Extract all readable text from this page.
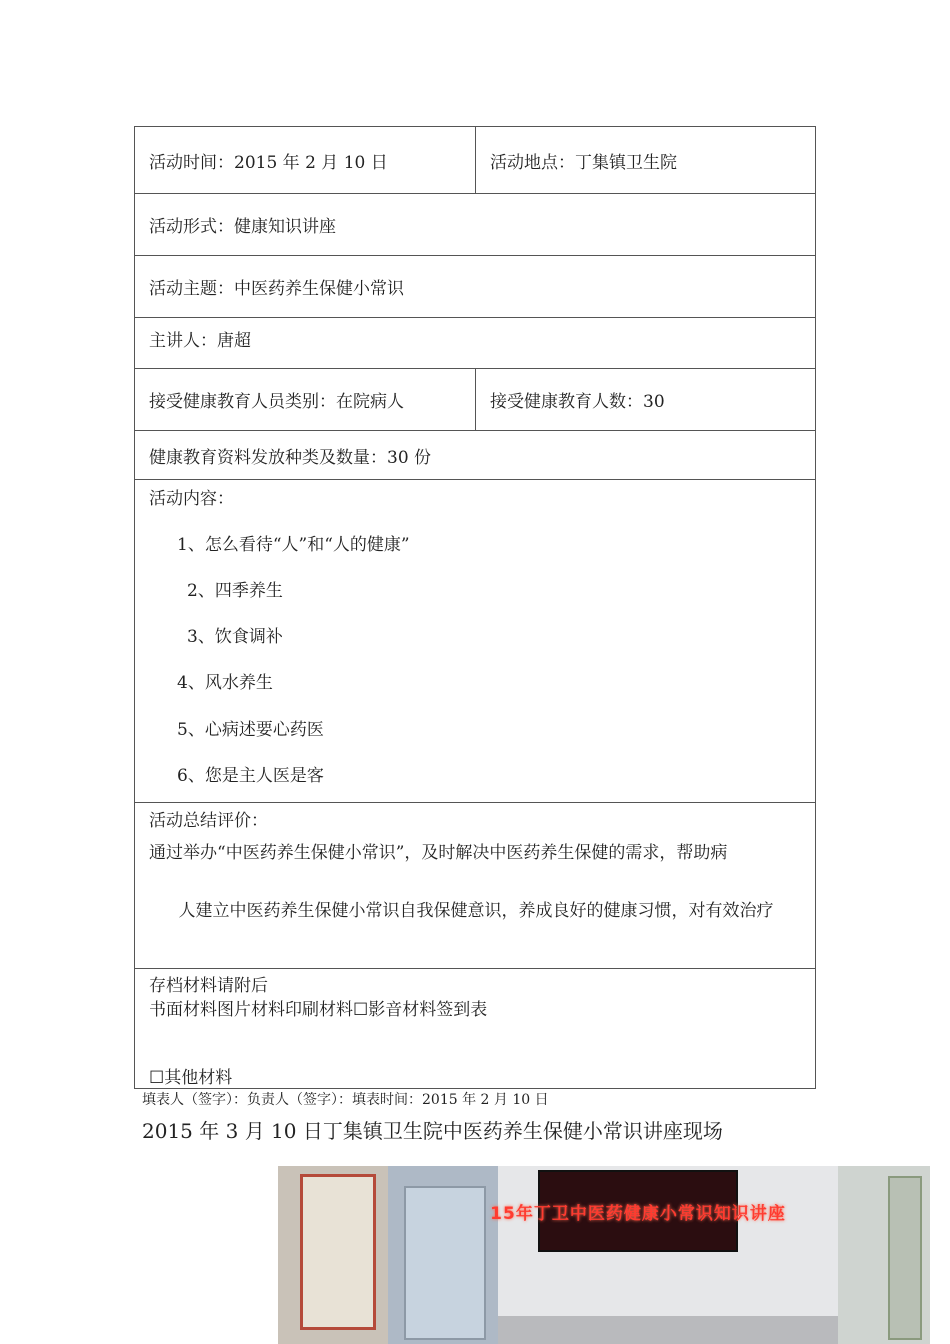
活动时间：2015 年 2 月 10 日	活动地点：丁集镇卫生院
活动形式：健康知识讲座
活动主题：中医药养生保健小常识
主讲人：唐超
接受健康教育人员类别：在院病人	接受健康教育人数：30
健康教育资料发放种类及数量：30 份
活动内容：
1、怎么看待“人”和“人的健康”
2、四季养生
3、饮食调补
4、风水养生
5、心病述要心药医
6、您是主人医是客
活动总结评价：
通过举办“中医药养生保健小常识”，及时解决中医药养生保健的需求，帮助病
人建立中医药养生保健小常识自我保健意识，养成良好的健康习惯，对有效治疗
存档材料请附后
书面材料图片材料印刷材料☐影音材料签到表
☐其他材料
填表人（签字）：负责人（签字）：填表时间：2015 年 2 月 10 日
2015 年 3 月 10 日丁集镇卫生院中医药养生保健小常识讲座现场
15年丁卫中医药健康小常识知识讲座
